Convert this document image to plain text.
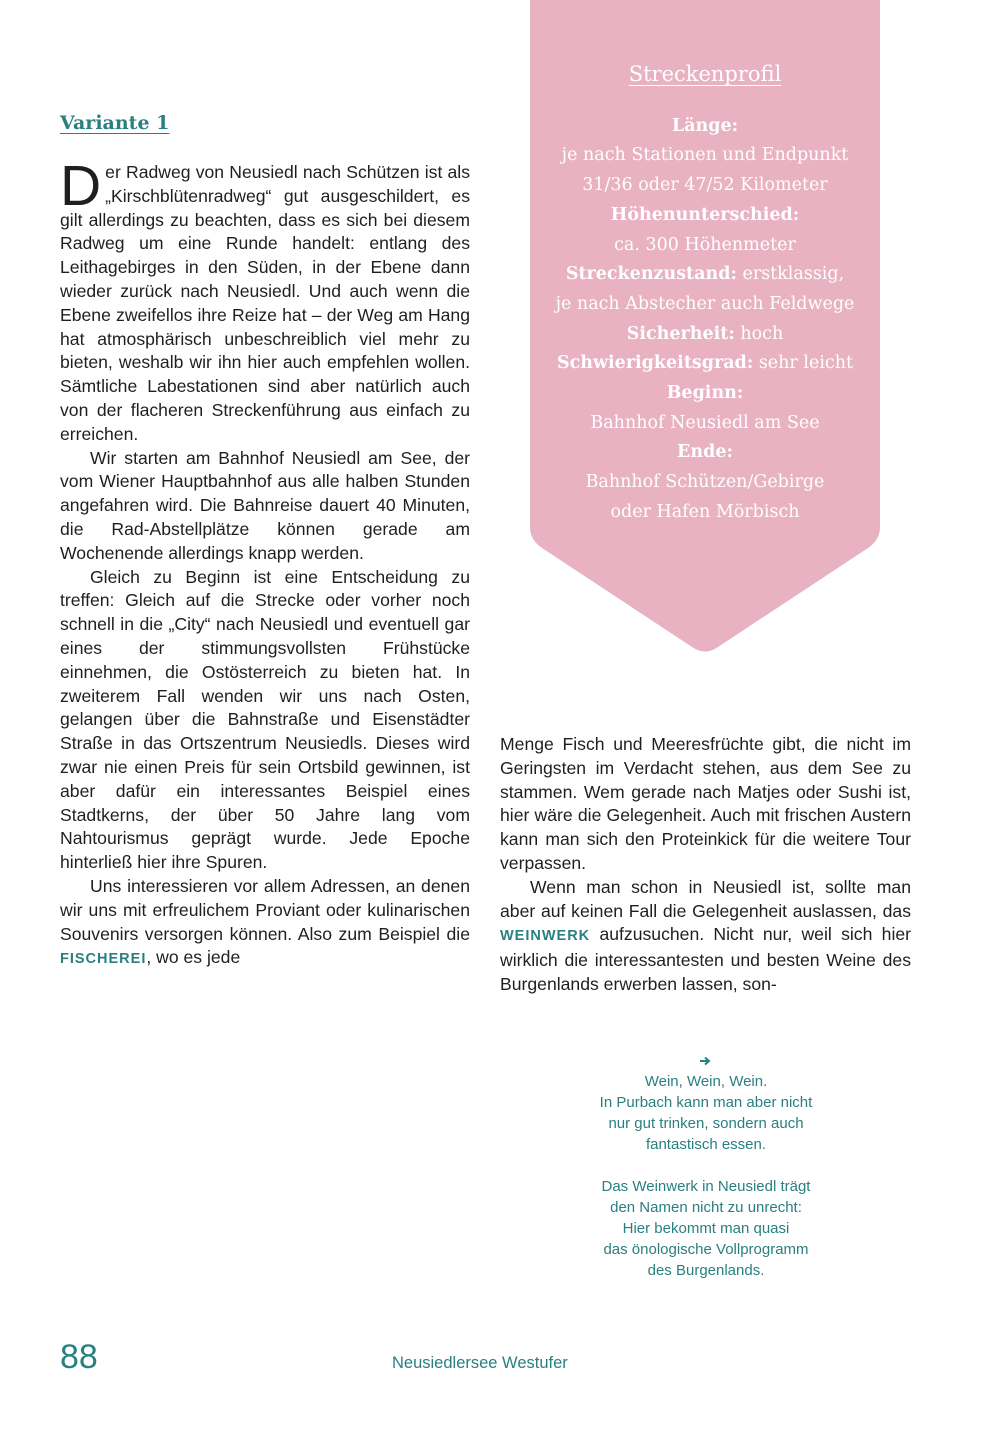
Variante 1

Der Radweg von Neusiedl nach Schützen ist als „Kirschblütenradweg“ gut ausgeschildert, es gilt allerdings zu beachten, dass es sich bei diesem Radweg um eine Runde handelt: entlang des Leithagebirges in den Süden, in der Ebene dann wieder zurück nach Neusiedl. Und auch wenn die Ebene zweifellos ihre Reize hat – der Weg am Hang hat atmosphärisch unbeschreiblich viel mehr zu bieten, weshalb wir ihn hier auch empfehlen wollen. Sämtliche Labestationen sind aber natürlich auch von der flacheren Streckenführung aus einfach zu erreichen.

Wir starten am Bahnhof Neusiedl am See, der vom Wiener Hauptbahnhof aus alle halben Stunden angefahren wird. Die Bahnreise dauert 40 Minuten, die Rad-Abstellplätze können gerade am Wochenende allerdings knapp werden.

Gleich zu Beginn ist eine Entscheidung zu treffen: Gleich auf die Strecke oder vorher noch schnell in die „City“ nach Neusiedl und eventuell gar eines der stimmungsvollsten Frühstücke einnehmen, die Ostösterreich zu bieten hat. In zweiterem Fall wenden wir uns nach Osten, gelangen über die Bahnstraße und Eisenstädter Straße in das Ortszentrum Neusiedls. Dieses wird zwar nie einen Preis für sein Ortsbild gewinnen, ist aber dafür ein interessantes Beispiel eines Stadtkerns, der über 50 Jahre lang vom Nahtourismus geprägt wurde. Jede Epoche hinterließ hier ihre Spuren.

Uns interessieren vor allem Adressen, an denen wir uns mit erfreulichem Proviant oder kulinarischen Souvenirs versorgen können. Also zum Beispiel die FISCHEREI, wo es jede

Streckenprofil
Länge:
je nach Stationen und Endpunkt
31/36 oder 47/52 Kilometer
Höhenunterschied:
ca. 300 Höhenmeter
Streckenzustand: erstklassig,
je nach Abstecher auch Feldwege
Sicherheit: hoch
Schwierigkeitsgrad: sehr leicht
Beginn:
Bahnhof Neusiedl am See
Ende:
Bahnhof Schützen/Gebirge
oder Hafen Mörbisch

Menge Fisch und Meeresfrüchte gibt, die nicht im Geringsten im Verdacht stehen, aus dem See zu stammen. Wem gerade nach Matjes oder Sushi ist, hier wäre die Gelegenheit. Auch mit frischen Austern kann man sich den Proteinkick für die weitere Tour verpassen.

Wenn man schon in Neusiedl ist, sollte man aber auf keinen Fall die Gelegenheit auslassen, das WEINWERK aufzusuchen. Nicht nur, weil sich hier wirklich die interessantesten und besten Weine des Burgenlands erwerben lassen, son-

Wein, Wein, Wein.

In Purbach kann man aber nicht

nur gut trinken, sondern auch

fantastisch essen.

Das Weinwerk in Neusiedl trägt

den Namen nicht zu unrecht:

Hier bekommt man quasi

das önologische Vollprogramm

des Burgenlands.

88	Neusiedlersee Westufer
